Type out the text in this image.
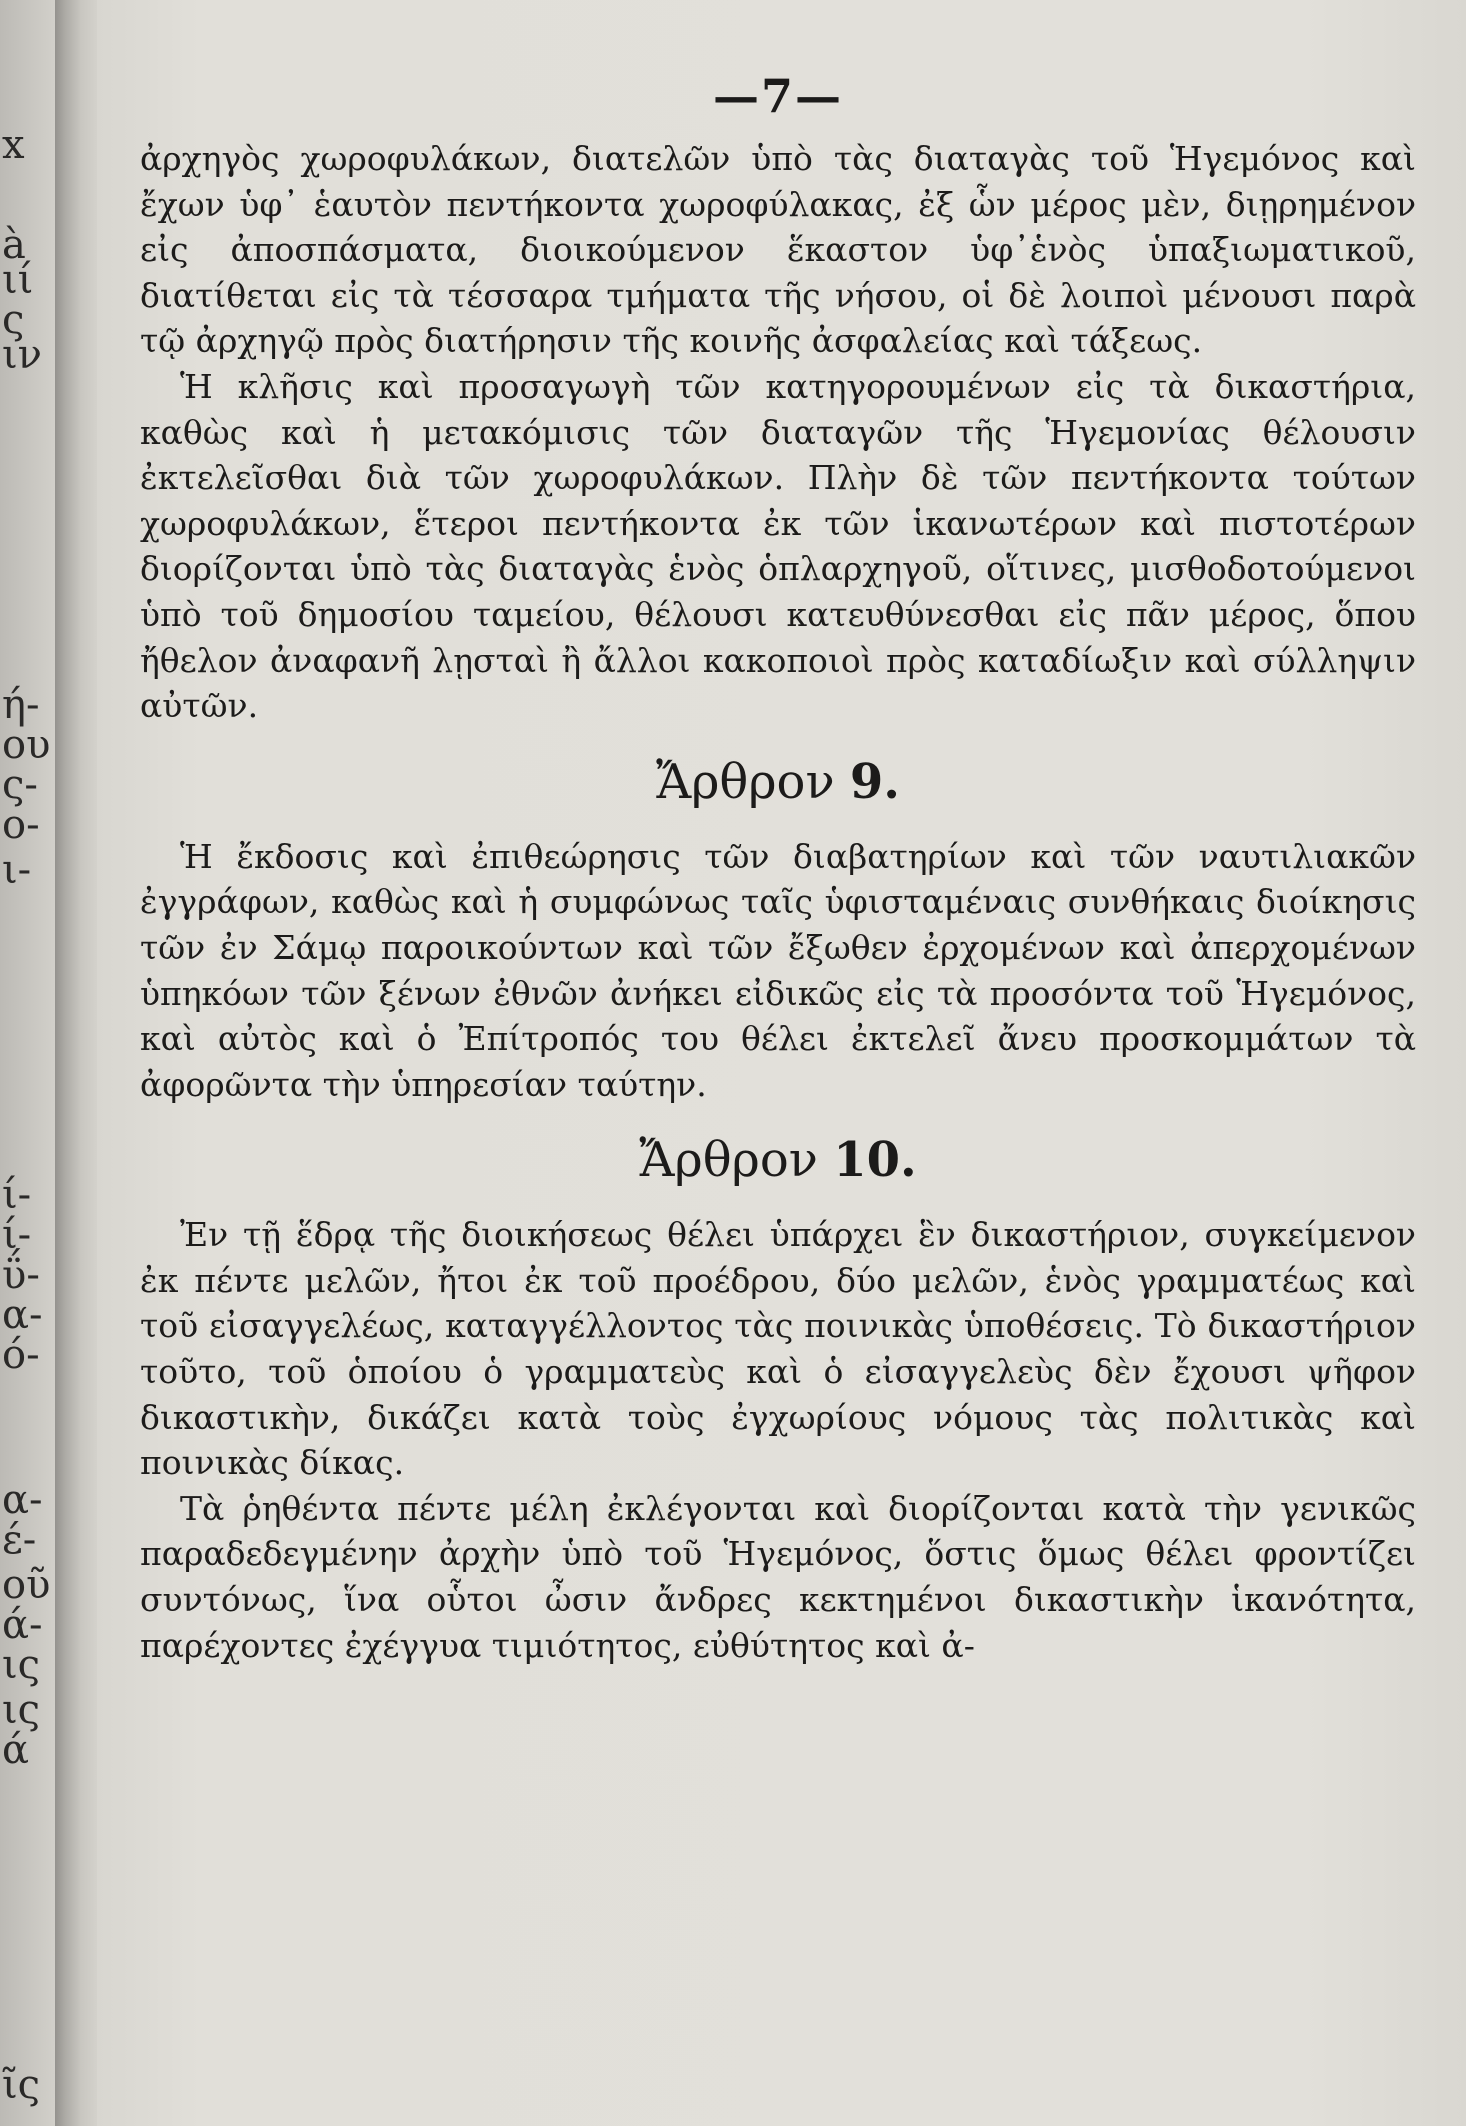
x
à
ιί
ς
ιν
ή-
ου
ς-
ο-
ι-
ί-
ί-
ΰ-
α-
ό-
α-
έ-
οῦ
ά-
ις
ις
ά
ῖς
—7—

ἀρχηγὸς χωροφυλάκων, διατελῶν ὑπὸ τὰς διαταγὰς τοῦ Ἡγεμόνος καὶ ἔχων ὑφ᾽ ἑαυτὸν πεντήκοντα χωροφύλακας, ἐξ ὧν μέρος μὲν, διῃρημένον εἰς ἀποσπάσματα, διοικούμενον ἕκαστον ὑφ᾽ἑνὸς ὑπαξιωματικοῦ, διατίθεται εἰς τὰ τέσσαρα τμήματα τῆς νήσου, οἱ δὲ λοιποὶ μένουσι παρὰ τῷ ἀρχηγῷ πρὸς διατήρησιν τῆς κοινῆς ἀσφαλείας καὶ τάξεως.

Ἡ κλῆσις καὶ προσαγωγὴ τῶν κατηγορουμένων εἰς τὰ δικαστήρια, καθὼς καὶ ἡ μετακόμισις τῶν διαταγῶν τῆς Ἡγεμονίας θέλουσιν ἐκτελεῖσθαι διὰ τῶν χωροφυλάκων. Πλὴν δὲ τῶν πεντήκοντα τούτων χωροφυλάκων, ἕτεροι πεντήκοντα ἐκ τῶν ἱκανωτέρων καὶ πιστοτέρων διορίζονται ὑπὸ τὰς διαταγὰς ἑνὸς ὁπλαρχηγοῦ, οἵτινες, μισθοδοτούμενοι ὑπὸ τοῦ δημοσίου ταμείου, θέλουσι κατευθύνεσθαι εἰς πᾶν μέρος, ὅπου ἤθελον ἀναφανῆ λῃσταὶ ἢ ἄλλοι κακοποιοὶ πρὸς καταδίωξιν καὶ σύλληψιν αὐτῶν.

Ἄρθρον 9.

Ἡ ἔκδοσις καὶ ἐπιθεώρησις τῶν διαβατηρίων καὶ τῶν ναυτιλιακῶν ἐγγράφων, καθὼς καὶ ἡ συμφώνως ταῖς ὑφισταμέναις συνθήκαις διοίκησις τῶν ἐν Σάμῳ παροικούντων καὶ τῶν ἔξωθεν ἐρχομένων καὶ ἀπερχομένων ὑπηκόων τῶν ξένων ἐθνῶν ἀνήκει εἰδικῶς εἰς τὰ προσόντα τοῦ Ἡγεμόνος, καὶ αὐτὸς καὶ ὁ Ἐπίτροπός του θέλει ἐκτελεῖ ἄνευ προσκομμάτων τὰ ἀφορῶντα τὴν ὑπηρεσίαν ταύτην.

Ἄρθρον 10.

Ἐν τῇ ἕδρᾳ τῆς διοικήσεως θέλει ὑπάρχει ἓν δικαστήριον, συγκείμενον ἐκ πέντε μελῶν, ἤτοι ἐκ τοῦ προέδρου, δύο μελῶν, ἑνὸς γραμματέως καὶ τοῦ εἰσαγγελέως, καταγγέλλοντος τὰς ποινικὰς ὑποθέσεις. Τὸ δικαστήριον τοῦτο, τοῦ ὁποίου ὁ γραμματεὺς καὶ ὁ εἰσαγγελεὺς δὲν ἔχουσι ψῆφον δικαστικὴν, δικάζει κατὰ τοὺς ἐγχωρίους νόμους τὰς πολιτικὰς καὶ ποινικὰς δίκας.

Τὰ ῥηθέντα πέντε μέλη ἐκλέγονται καὶ διορίζονται κατὰ τὴν γενικῶς παραδεδεγμένην ἀρχὴν ὑπὸ τοῦ Ἡγεμόνος, ὅστις ὅμως θέλει φροντίζει συντόνως, ἵνα οὗτοι ὦσιν ἄνδρες κεκτημένοι δικαστικὴν ἱκανότητα, παρέχοντες ἐχέγγυα τιμιότητος, εὐθύτητος καὶ ἀ-
